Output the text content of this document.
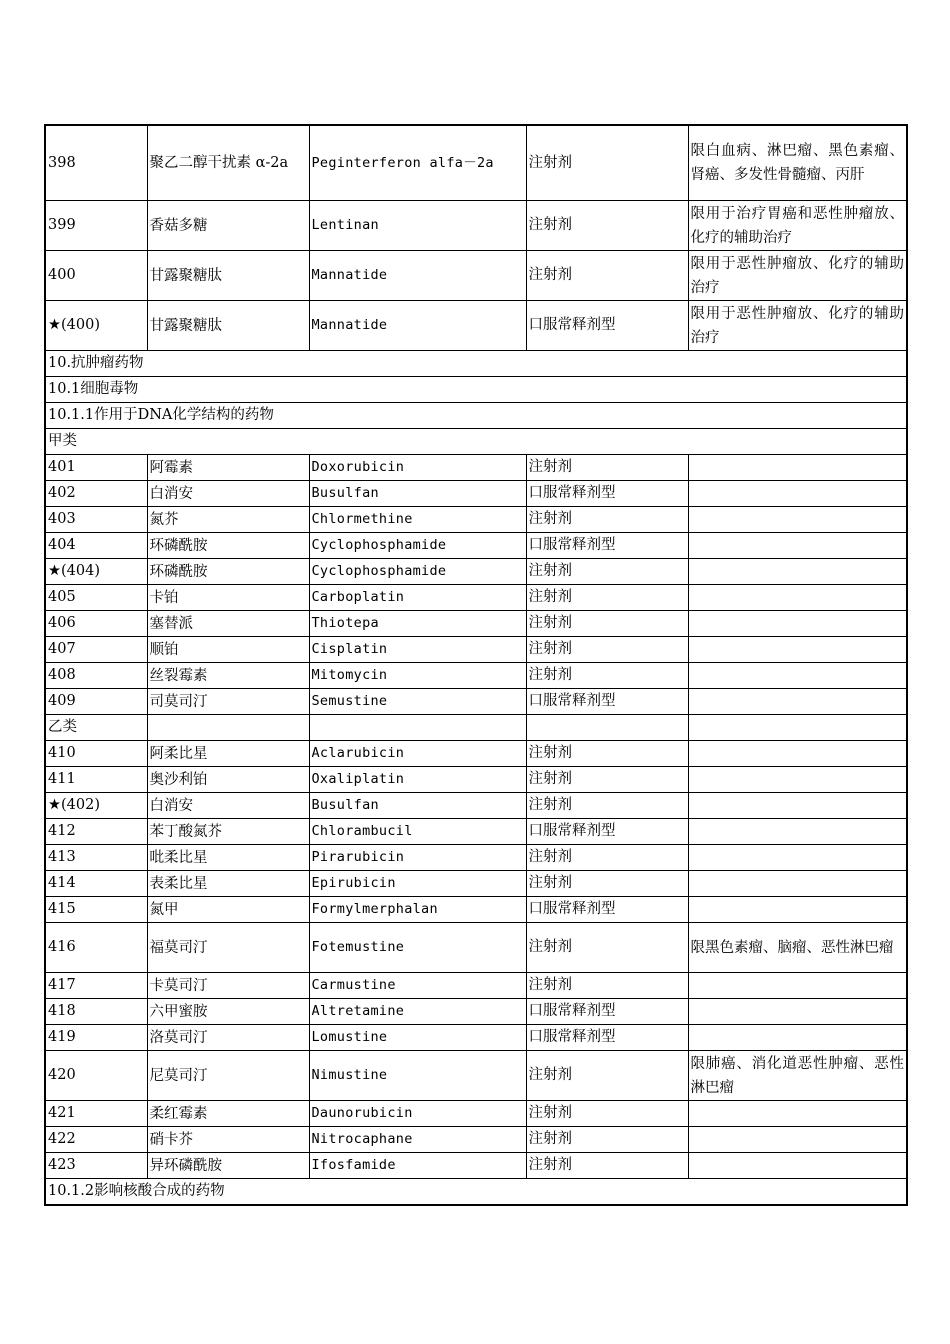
398	聚乙二醇干扰素 α-2a	Peginterferon alfa－2a	注射剂	限白血病、淋巴瘤、黑色素瘤、肾癌、多发性骨髓瘤、丙肝
399	香菇多糖	Lentinan	注射剂	限用于治疗胃癌和恶性肿瘤放、化疗的辅助治疗
400	甘露聚糖肽	Mannatide	注射剂	限用于恶性肿瘤放、化疗的辅助治疗
★(400)	甘露聚糖肽	Mannatide	口服常释剂型	限用于恶性肿瘤放、化疗的辅助治疗
10.抗肿瘤药物				
10.1细胞毒物				
10.1.1作用于DNA化学结构的药物				
甲类				
401	阿霉素	Doxorubicin	注射剂	
402	白消安	Busulfan	口服常释剂型	
403	氮芥	Chlormethine	注射剂	
404	环磷酰胺	Cyclophosphamide	口服常释剂型	
★(404)	环磷酰胺	Cyclophosphamide	注射剂	
405	卡铂	Carboplatin	注射剂	
406	塞替派	Thiotepa	注射剂	
407	顺铂	Cisplatin	注射剂	
408	丝裂霉素	Mitomycin	注射剂	
409	司莫司汀	Semustine	口服常释剂型	
乙类				
410	阿柔比星	Aclarubicin	注射剂	
411	奥沙利铂	Oxaliplatin	注射剂	
★(402)	白消安	Busulfan	注射剂	
412	苯丁酸氮芥	Chlorambucil	口服常释剂型	
413	吡柔比星	Pirarubicin	注射剂	
414	表柔比星	Epirubicin	注射剂	
415	氮甲	Formylmerphalan	口服常释剂型	
416	福莫司汀	Fotemustine	注射剂	限黑色素瘤、脑瘤、恶性淋巴瘤
417	卡莫司汀	Carmustine	注射剂	
418	六甲蜜胺	Altretamine	口服常释剂型	
419	洛莫司汀	Lomustine	口服常释剂型	
420	尼莫司汀	Nimustine	注射剂	限肺癌、消化道恶性肿瘤、恶性淋巴瘤
421	柔红霉素	Daunorubicin	注射剂	
422	硝卡芥	Nitrocaphane	注射剂	
423	异环磷酰胺	Ifosfamide	注射剂	
10.1.2影响核酸合成的药物				
